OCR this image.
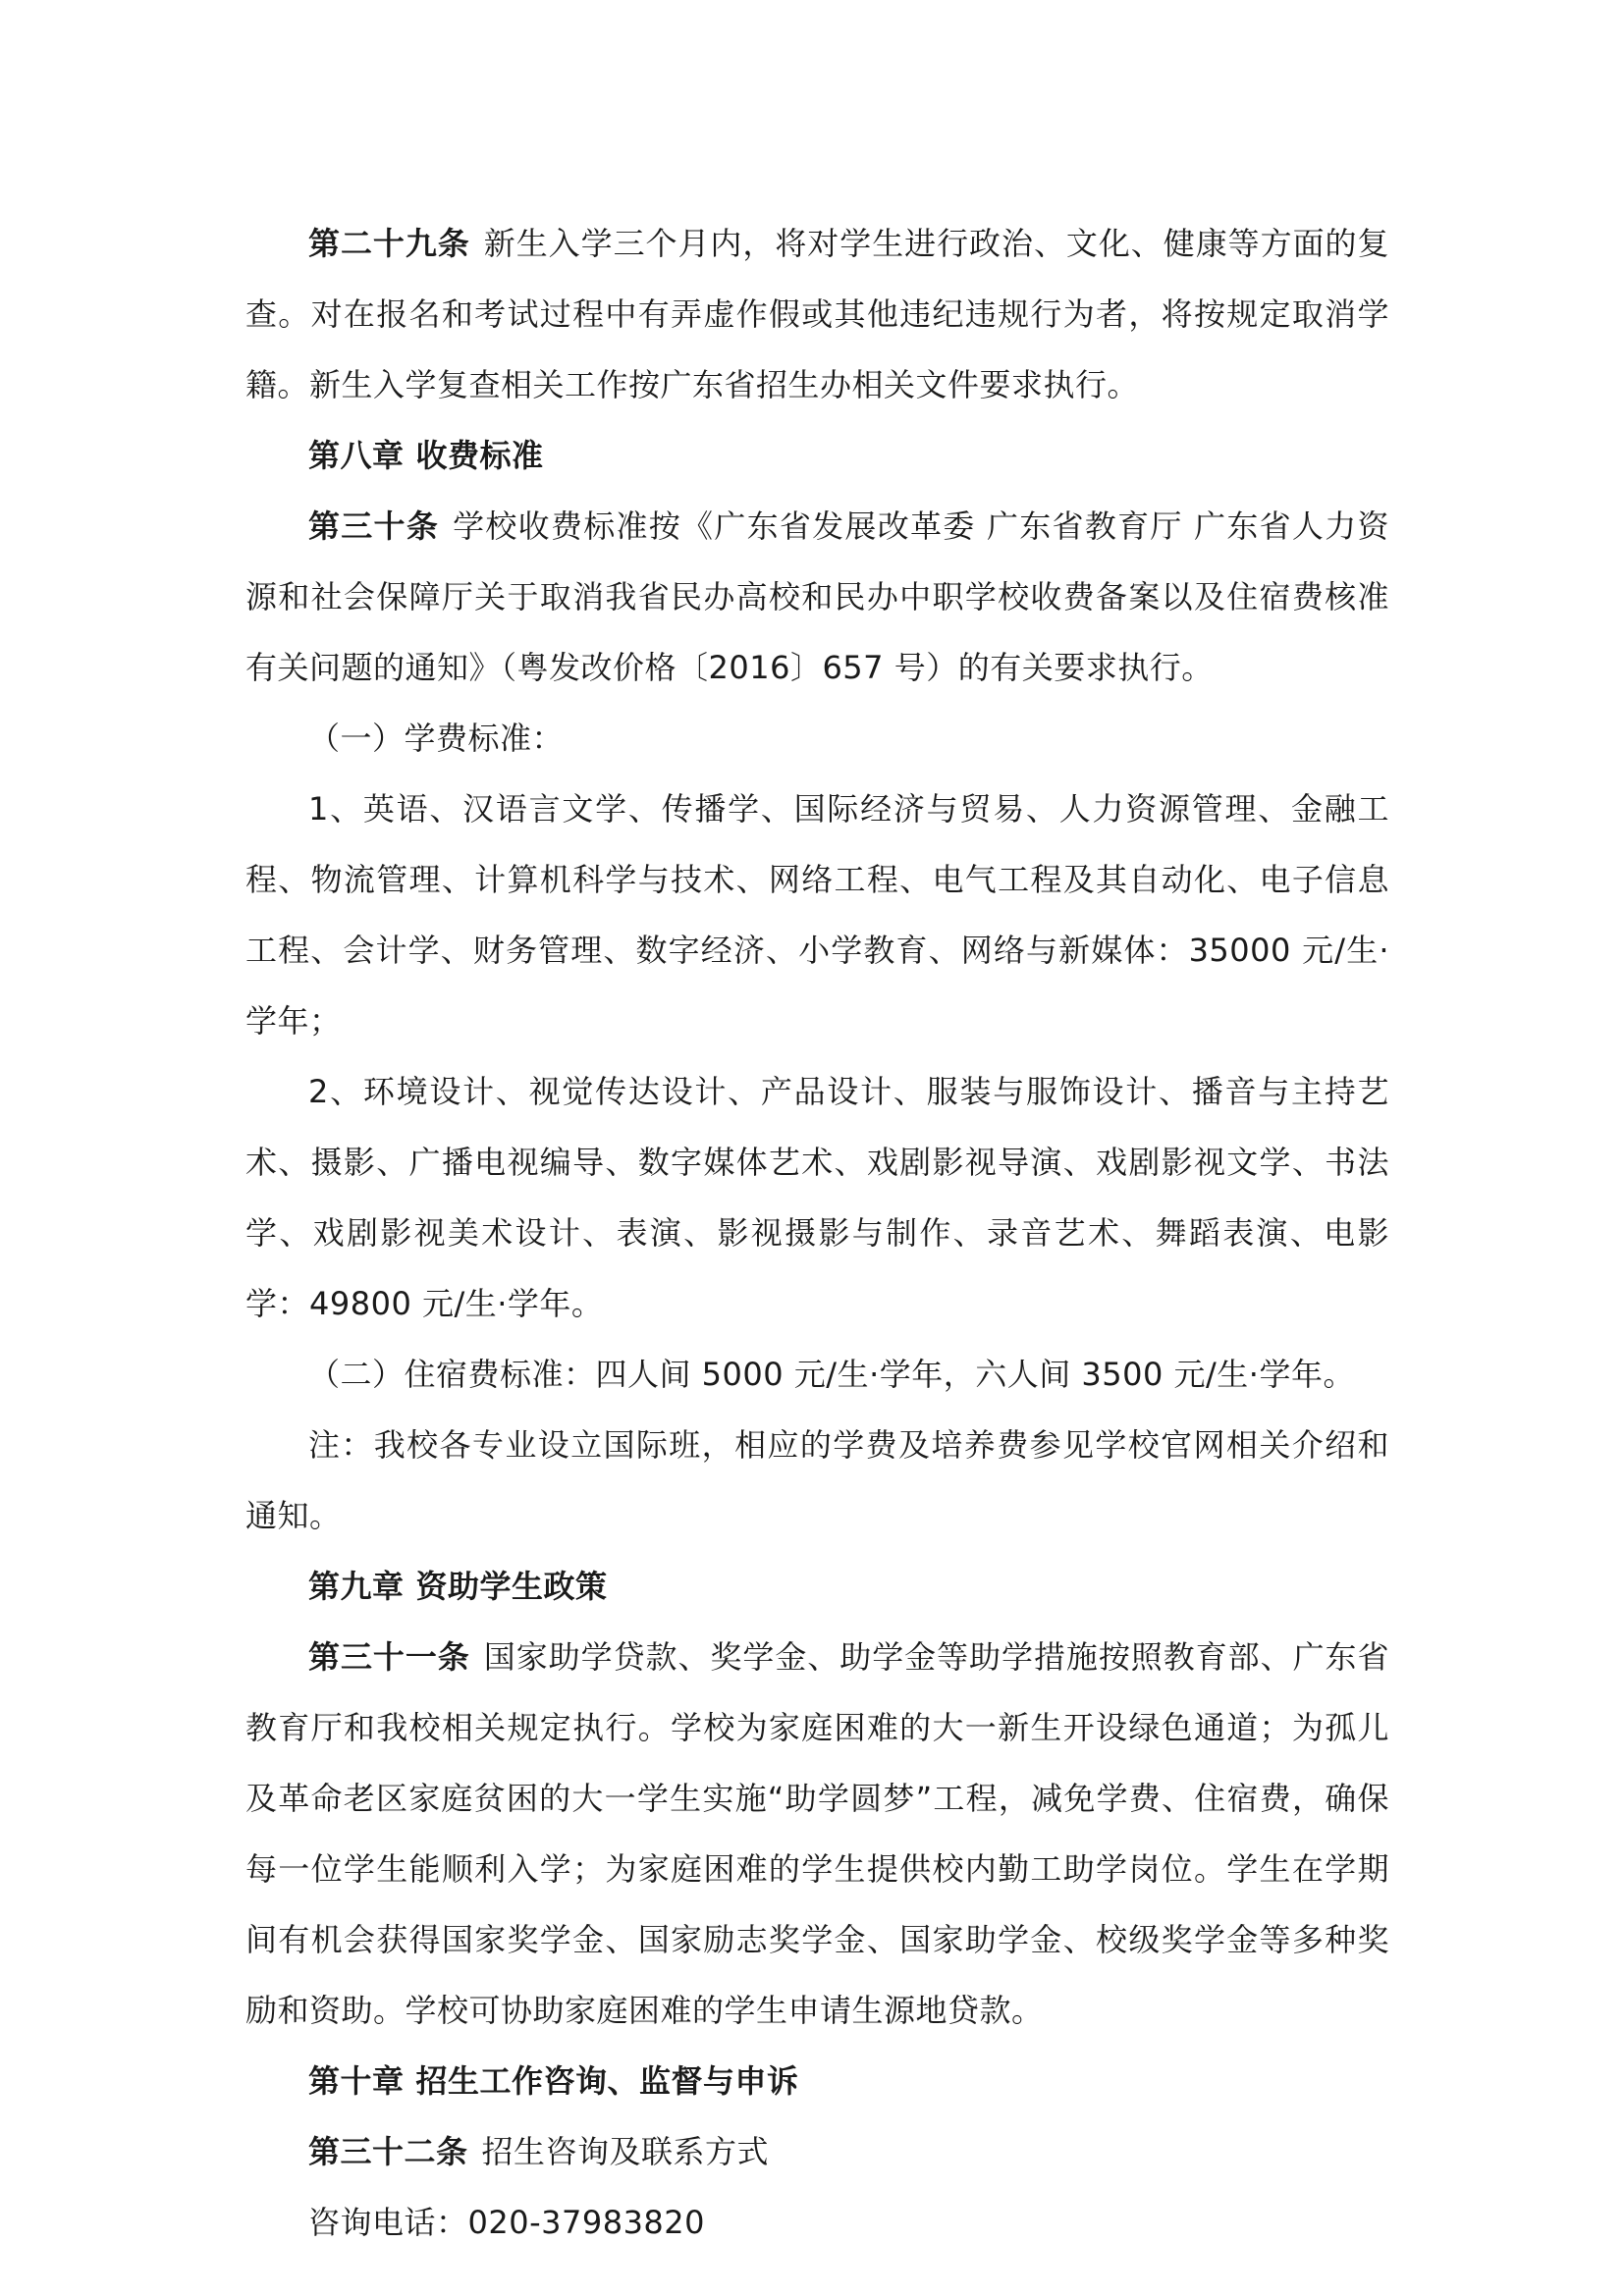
第二十九条 新生入学三个月内，将对学生进行政治、文化、健康等方面的复查。对在报名和考试过程中有弄虚作假或其他违纪违规行为者，将按规定取消学籍。新生入学复查相关工作按广东省招生办相关文件要求执行。

第八章 收费标准

第三十条 学校收费标准按《广东省发展改革委 广东省教育厅 广东省人力资源和社会保障厅关于取消我省民办高校和民办中职学校收费备案以及住宿费核准有关问题的通知》（粤发改价格〔2016〕657 号）的有关要求执行。

（一）学费标准：

1、英语、汉语言文学、传播学、国际经济与贸易、人力资源管理、金融工程、物流管理、计算机科学与技术、网络工程、电气工程及其自动化、电子信息工程、会计学、财务管理、数字经济、小学教育、网络与新媒体：35000 元/生·学年；

2、环境设计、视觉传达设计、产品设计、服装与服饰设计、播音与主持艺术、摄影、广播电视编导、数字媒体艺术、戏剧影视导演、戏剧影视文学、书法学、戏剧影视美术设计、表演、影视摄影与制作、录音艺术、舞蹈表演、电影学：49800 元/生·学年。

（二）住宿费标准：四人间 5000 元/生·学年，六人间 3500 元/生·学年。

注：我校各专业设立国际班，相应的学费及培养费参见学校官网相关介绍和通知。

第九章 资助学生政策

第三十一条 国家助学贷款、奖学金、助学金等助学措施按照教育部、广东省教育厅和我校相关规定执行。学校为家庭困难的大一新生开设绿色通道；为孤儿及革命老区家庭贫困的大一学生实施“助学圆梦”工程，减免学费、住宿费，确保每一位学生能顺利入学；为家庭困难的学生提供校内勤工助学岗位。学生在学期间有机会获得国家奖学金、国家励志奖学金、国家助学金、校级奖学金等多种奖励和资助。学校可协助家庭困难的学生申请生源地贷款。

第十章 招生工作咨询、监督与申诉

第三十二条 招生咨询及联系方式

咨询电话：020-37983820
